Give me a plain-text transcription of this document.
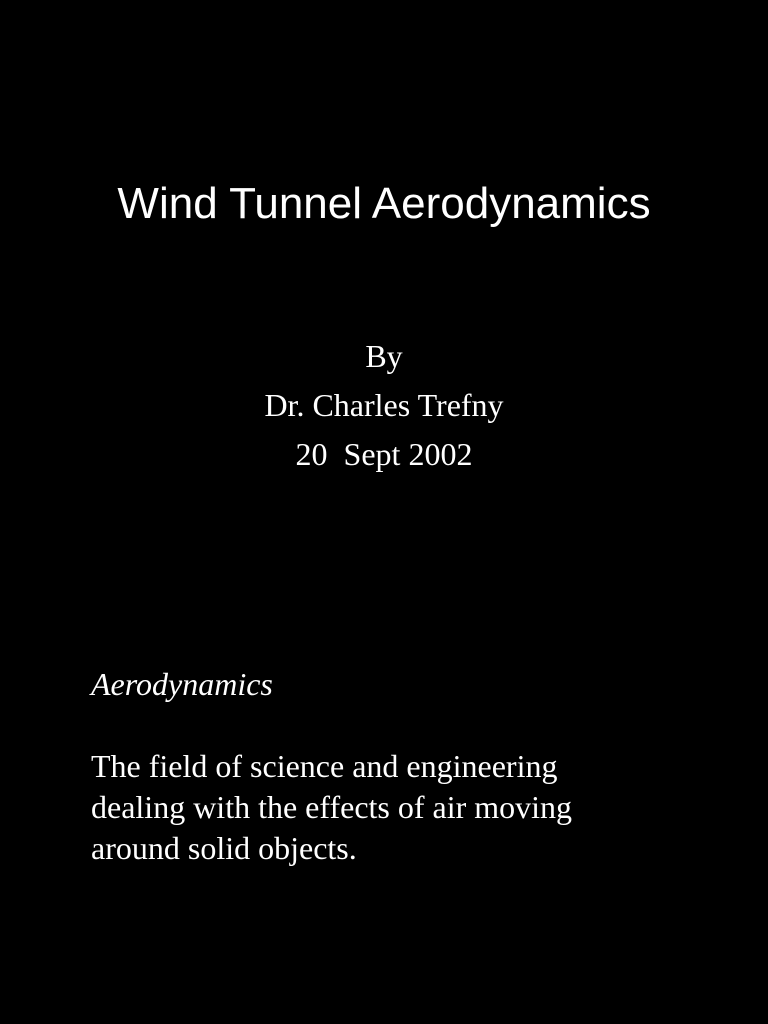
Wind Tunnel Aerodynamics
By
Dr. Charles Trefny
20  Sept 2002
Aerodynamics
The field of science and engineering
dealing with the effects of air moving
around solid objects.
